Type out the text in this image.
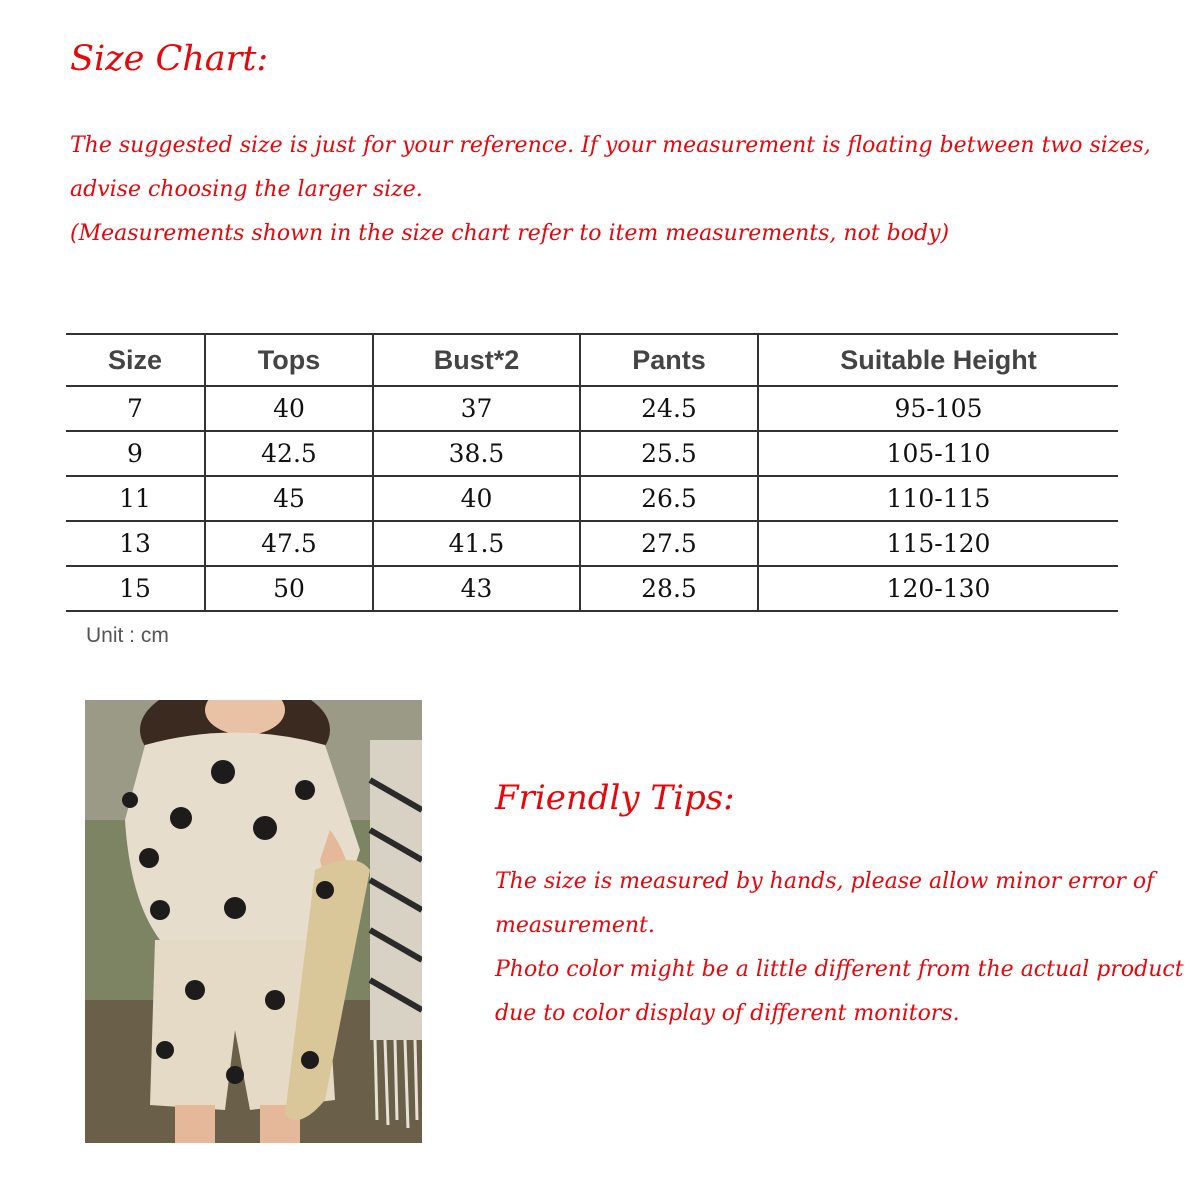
Size Chart:

The suggested size is just for your reference. If your measurement is floating between two sizes, advise choosing the larger size.

(Measurements shown in the size chart refer to item measurements, not body)

Size	Tops	Bust*2	Pants	Suitable Height
7	40	37	24.5	95-105
9	42.5	38.5	25.5	105-110
11	45	40	26.5	110-115
13	47.5	41.5	27.5	115-120
15	50	43	28.5	120-130
Unit : cm
Friendly Tips:

The size is measured by hands, please allow minor error of measurement.

Photo color might be a little different from the actual product due to color display of different monitors.
